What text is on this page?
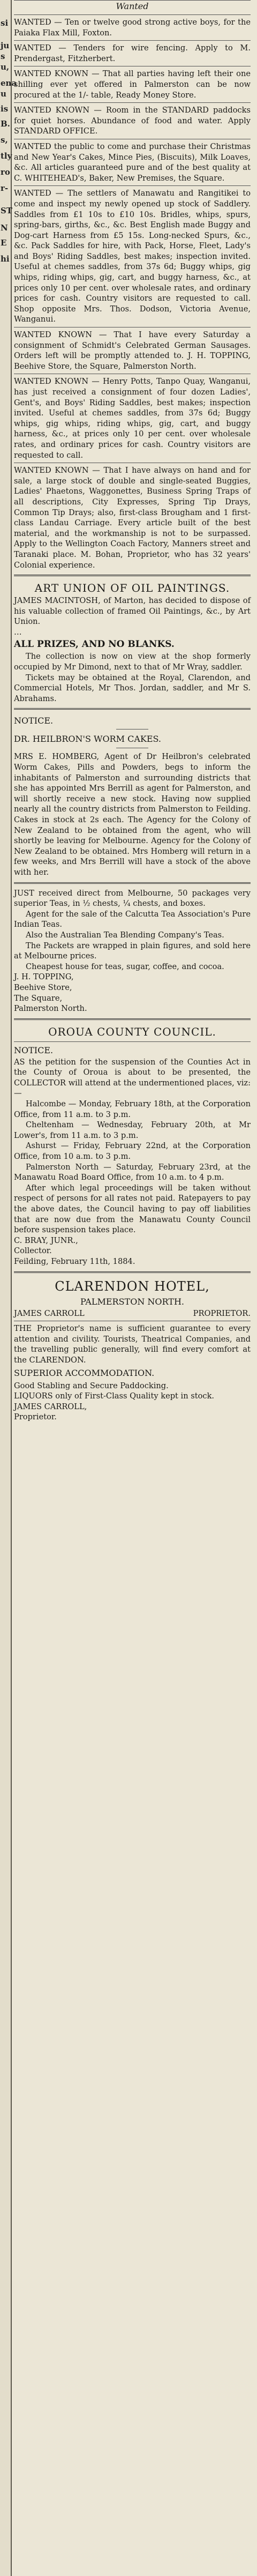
si
ju
s
u,
ena
u
is
B.
s,
tly
ro
r-
ST
N
E
hi
Wanted

WANTED — Ten or twelve good strong active boys, for the Paiaka Flax Mill, Foxton.

WANTED — Tenders for wire fencing. Apply to M. Prendergast, Fitzherbert.

WANTED KNOWN — That all parties having left their one shilling ever yet offered in Palmerston can be now procured at the 1/- table, Ready Money Store.

WANTED KNOWN — Room in the STANDARD paddocks for quiet horses. Abundance of food and water. Apply STANDARD OFFICE.

WANTED the public to come and purchase their Christmas and New Year's Cakes, Mince Pies, (Biscuits), Milk Loaves, &c. All articles guaranteed pure and of the best quality at C. WHITEHEAD's, Baker, New Premises, the Square.

WANTED — The settlers of Manawatu and Rangitikei to come and inspect my newly opened up stock of Saddlery. Saddles from £1 10s to £10 10s. Bridles, whips, spurs, spring-bars, girths, &c., &c. Best English made Buggy and Dog-cart Harness from £5 15s. Long-necked Spurs, &c., &c. Pack Saddles for hire, with Pack, Horse, Fleet, Lady's and Boys' Riding Saddles, best makes; inspection invited. Useful at chemes saddles, from 37s 6d; Buggy whips, gig whips, riding whips, gig, cart, and buggy harness, &c., at prices only 10 per cent. over wholesale rates, and ordinary prices for cash. Country visitors are requested to call. Shop opposite Mrs. Thos. Dodson, Victoria Avenue, Wanganui.

WANTED KNOWN — That I have every Saturday a consignment of Schmidt's Celebrated German Sausages. Orders left will be promptly attended to. J. H. TOPPING, Beehive Store, the Square, Palmerston North.

WANTED KNOWN — Henry Potts, Tanpo Quay, Wanganui, has just received a consignment of four dozen Ladies', Gent's, and Boys' Riding Saddles, best makes; inspection invited. Useful at chemes saddles, from 37s 6d; Buggy whips, gig whips, riding whips, gig, cart, and buggy harness, &c., at prices only 10 per cent. over wholesale rates, and ordinary prices for cash. Country visitors are requested to call.

WANTED KNOWN — That I have always on hand and for sale, a large stock of double and single-seated Buggies, Ladies' Phaetons, Waggonettes, Business Spring Traps of all descriptions, City Expresses, Spring Tip Drays, Common Tip Drays; also, first-class Brougham and 1 first-class Landau Carriage. Every article built of the best material, and the workmanship is not to be surpassed. Apply to the Wellington Coach Factory, Manners street and Taranaki place. M. Bohan, Proprietor, who has 32 years' Colonial experience.

ART UNION OF OIL PAINTINGS.

JAMES MACINTOSH, of Marton, has decided to dispose of his valuable collection of framed Oil Paintings, &c., by Art Union.

…

ALL PRIZES, AND NO BLANKS.

The collection is now on view at the shop formerly occupied by Mr Dimond, next to that of Mr Wray, saddler.

Tickets may be obtained at the Royal, Clarendon, and Commercial Hotels, Mr Thos. Jordan, saddler, and Mr S. Abrahams.

NOTICE.

DR. HEILBRON'S WORM CAKES.

MRS E. HOMBERG, Agent of Dr Heilbron's celebrated Worm Cakes, Pills and Powders, begs to inform the inhabitants of Palmerston and surrounding districts that she has appointed Mrs Berrill as agent for Palmerston, and will shortly receive a new stock. Having now supplied nearly all the country districts from Palmerston to Feilding. Cakes in stock at 2s each. The Agency for the Colony of New Zealand to be obtained from the agent, who will shortly be leaving for Melbourne. Agency for the Colony of New Zealand to be obtained. Mrs Homberg will return in a few weeks, and Mrs Berrill will have a stock of the above with her.

JUST received direct from Melbourne, 50 packages very superior Teas, in ½ chests, ¼ chests, and boxes.

Agent for the sale of the Calcutta Tea Association's Pure Indian Teas.

Also the Australian Tea Blending Company's Teas.

The Packets are wrapped in plain figures, and sold here at Melbourne prices.

Cheapest house for teas, sugar, coffee, and cocoa.

J. H. TOPPING,

Beehive Store,

The Square,

Palmerston North.

OROUA COUNTY COUNCIL.

NOTICE.

AS the petition for the suspension of the Counties Act in the County of Oroua is about to be presented, the COLLECTOR will attend at the undermentioned places, viz:—

Halcombe — Monday, February 18th, at the Corporation Office, from 11 a.m. to 3 p.m.

Cheltenham — Wednesday, February 20th, at Mr Lower's, from 11 a.m. to 3 p.m.

Ashurst — Friday, February 22nd, at the Corporation Office, from 10 a.m. to 3 p.m.

Palmerston North — Saturday, February 23rd, at the Manawatu Road Board Office, from 10 a.m. to 4 p.m.

After which legal proceedings will be taken without respect of persons for all rates not paid. Ratepayers to pay the above dates, the Council having to pay off liabilities that are now due from the Manawatu County Council before suspension takes place.

C. BRAY, JUNR.,

Collector.

Feilding, February 11th, 1884.

CLARENDON HOTEL,
PALMERSTON NORTH.
JAMES CARROLL	PROPRIETOR.

THE Proprietor's name is sufficient guarantee to every attention and civility. Tourists, Theatrical Companies, and the travelling public generally, will find every comfort at the CLARENDON.

SUPERIOR ACCOMMODATION.

Good Stabling and Secure Paddocking.

LIQUORS only of First-Class Quality kept in stock.

JAMES CARROLL,

Proprietor.
